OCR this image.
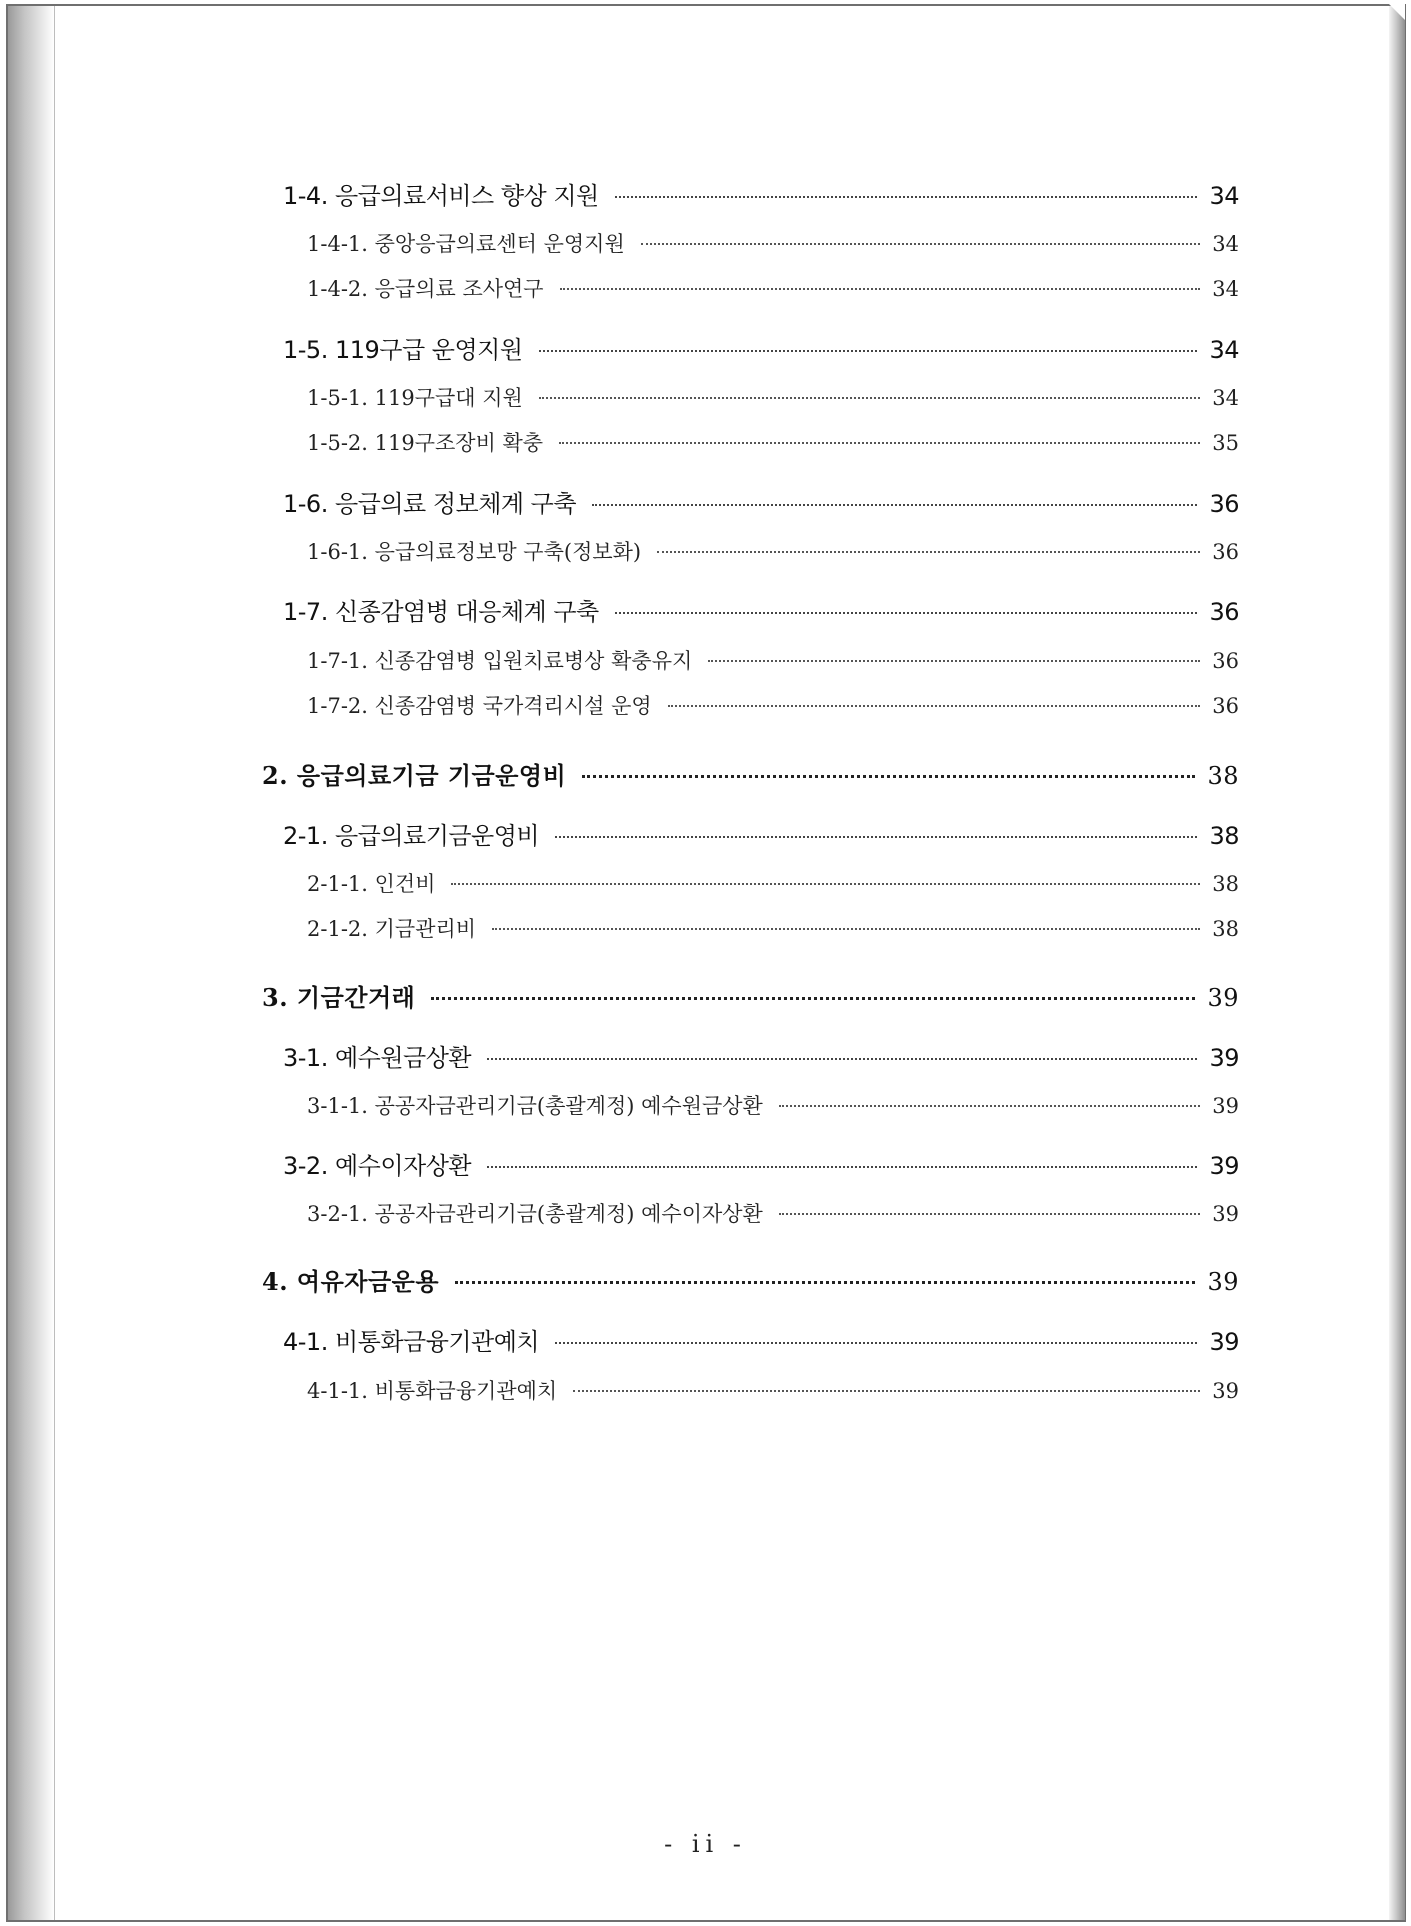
1-4. 응급의료서비스 향상 지원	34
1-4-1. 중앙응급의료센터 운영지원	34
1-4-2. 응급의료 조사연구	34
1-5. 119구급 운영지원	34
1-5-1. 119구급대 지원	34
1-5-2. 119구조장비 확충	35
1-6. 응급의료 정보체계 구축	36
1-6-1. 응급의료정보망 구축(정보화)	36
1-7. 신종감염병 대응체계 구축	36
1-7-1. 신종감염병 입원치료병상 확충유지	36
1-7-2. 신종감염병 국가격리시설 운영	36
2. 응급의료기금 기금운영비	38
2-1. 응급의료기금운영비	38
2-1-1. 인건비	38
2-1-2. 기금관리비	38
3. 기금간거래	39
3-1. 예수원금상환	39
3-1-1. 공공자금관리기금(총괄계정) 예수원금상환	39
3-2. 예수이자상환	39
3-2-1. 공공자금관리기금(총괄계정) 예수이자상환	39
4. 여유자금운용	39
4-1. 비통화금융기관예치	39
4-1-1. 비통화금융기관예치	39
- ii -
